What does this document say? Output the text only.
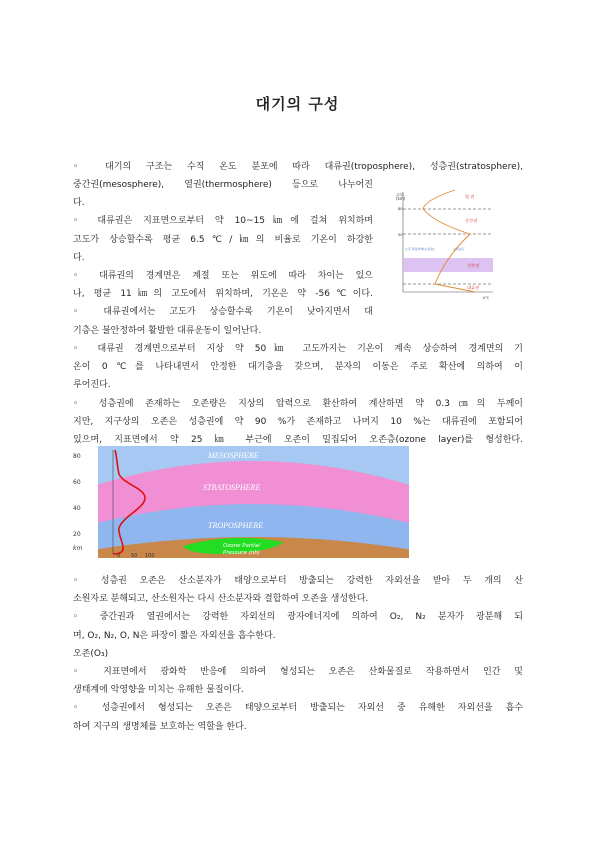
대기의 구성
◦ 대기의 구조는 수직 온도 분포에 따라 대류권(troposphere), 성층권(stratosphere),
중간권(mesosphere), 열권(thermosphere) 등으로 나누어진
다.
◦ 대류권은 지표면으로부터 약 10~15㎞에 걸쳐 위치하며
고도가 상승할수록 평균 6.5℃/㎞의 비율로 기온이 하강한
다.
◦ 대류권의 경계면은 계절 또는 위도에 따라 차이는 있으
나, 평균 11㎞의 고도에서 위치하며, 기온은 약 -56℃이다.
◦ 대류권에서는 고도가 상승할수록 기온이 낮아지면서 대
기층은 불안정하여 활발한 대류운동이 일어난다.
◦ 대류권 경계면으로부터 지상 약 50㎞ 고도까지는 기온이 계속 상승하여 경계면의 기
온이 0℃를 나타내면서 안정한 대기층을 갖으며, 분자의 이동은 주로 확산에 의하여 이
루어진다.
◦ 성층권에 존재하는 오존량은 지상의 압력으로 환산하여 계산하면 약 0.3㎝의 두께이
지만, 지구상의 오존은 성층권에 약 90 %가 존재하고 나머지 10 %는 대류권에 포함되어
있으며, 지표면에서 약 25 ㎞ 부근에 오존이 밀집되어 오존층(ozone layer)를 형성한다.
고도
(km)
80
50
열 권
중간권
성층권
대류권
오존 밀집지역(오존층)	오존농도
0℃
80
60
40
20
km
MESOSPHERE
STRATOSPHERE
TROPOSPHERE
Ozone Partial
Pressure (nb)
0 50 100
◦ 성층권 오존은 산소분자가 태양으로부터 방출되는 강력한 자외선을 받아 두 개의 산
소원자로 분해되고, 산소원자는 다시 산소분자와 결합하여 오존을 생성한다.
◦ 중간권과 열권에서는 강력한 자외선의 광자에너지에 의하여 O₂, N₂ 분자가 광분해 되
며, O₂, N₂, O, N은 파장이 짧은 자외선을 흡수한다.
오존(O₃)
◦ 지표면에서 광화학 반응에 의하여 형성되는 오존은 산화물질로 작용하면서 인간 및
생태계에 악영향을 미치는 유해한 물질이다.
◦ 성층권에서 형성되는 오존은 태양으로부터 방출되는 자외선 중 유해한 자외선을 흡수
하여 지구의 생명체를 보호하는 역할을 한다.
